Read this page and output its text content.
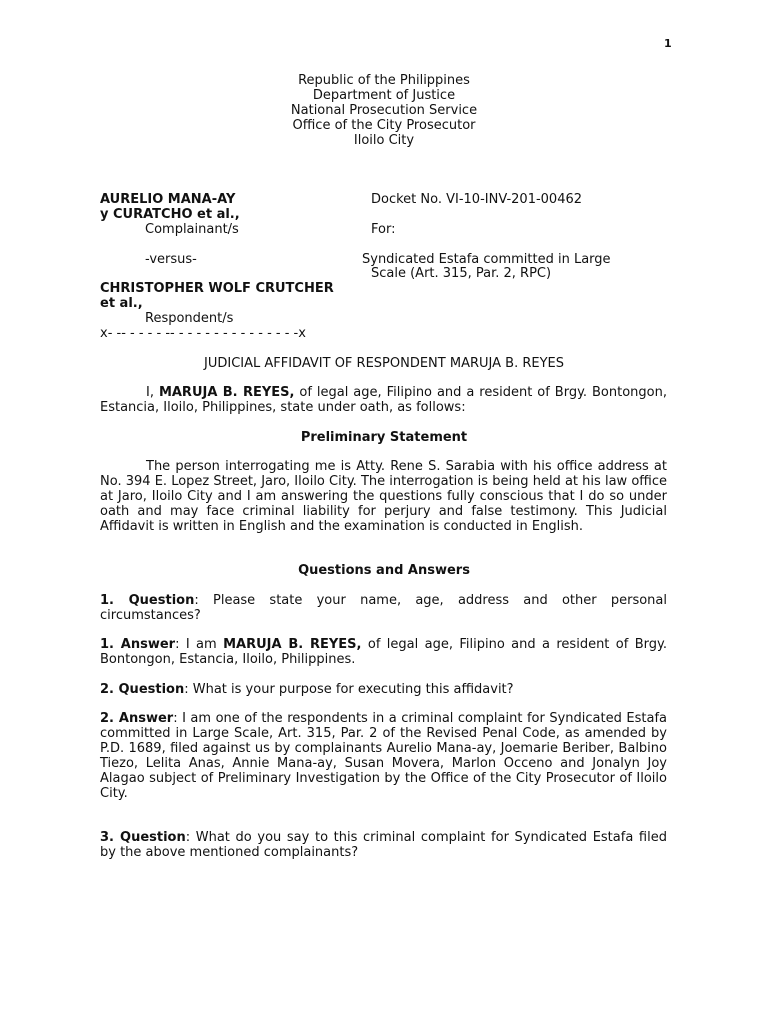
1
Republic of the Philippines
Department of Justice
National Prosecution Service
Office of the City Prosecutor
Iloilo City
AURELIO MANA-AY
y CURATCHO et al.,
Complainant/s
-versus-
CHRISTOPHER WOLF CRUTCHER
et al.,
Respondent/s
x- -- - - - - -- - - - - - - - - - - - - - -x
Docket No. VI-10-INV-201-00462
For:
Syndicated Estafa committed in Large
Scale (Art. 315, Par. 2, RPC)
JUDICIAL AFFIDAVIT OF RESPONDENT MARUJA B. REYES
I, MARUJA B. REYES, of legal age, Filipino and a resident of Brgy. Bontongon, Estancia, Iloilo, Philippines, state under oath, as follows:
Preliminary Statement
The person interrogating me is Atty. Rene S. Sarabia with his office address at No. 394 E. Lopez Street, Jaro, Iloilo City. The interrogation is being held at his law office at Jaro, Iloilo City and I am answering the questions fully conscious that I do so under oath and may face criminal liability for perjury and false testimony. This Judicial Affidavit is written in English and the examination is conducted in English.
Questions and Answers
1. Question: Please state your name, age, address and other personal circumstances?
1. Answer: I am MARUJA B. REYES, of legal age, Filipino and a resident of Brgy. Bontongon, Estancia, Iloilo, Philippines.
2. Question: What is your purpose for executing this affidavit?
2. Answer: I am one of the respondents in a criminal complaint for Syndicated Estafa committed in Large Scale, Art. 315, Par. 2 of the Revised Penal Code, as amended by P.D. 1689, filed against us by complainants Aurelio Mana-ay, Joemarie Beriber, Balbino Tiezo, Lelita Anas, Annie Mana-ay, Susan Movera, Marlon Occeno and Jonalyn Joy Alagao subject of Preliminary Investigation by the Office of the City Prosecutor of Iloilo City.
3. Question: What do you say to this criminal complaint for Syndicated Estafa filed by the above mentioned complainants?
